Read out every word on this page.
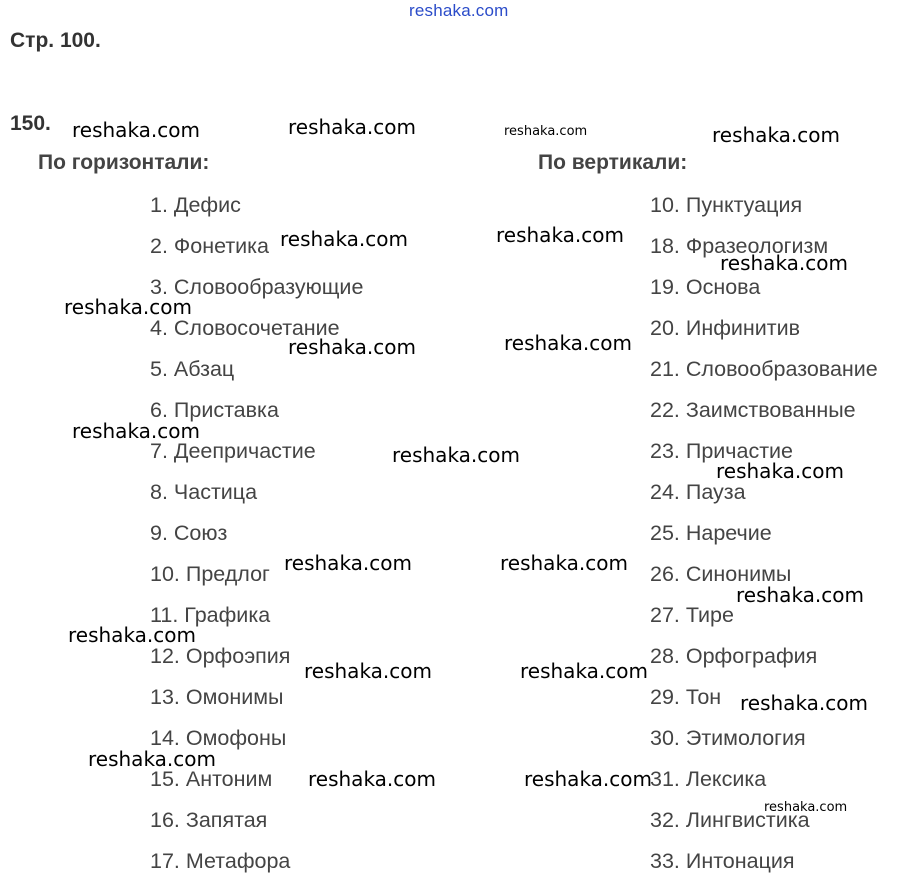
reshaka.com
Стр. 100.
150.
По горизонтали:	По вертикали:
1. Дефис
2. Фонетика
3. Словообразующие
4. Словосочетание
5. Абзац
6. Приставка
7. Деепричастие
8. Частица
9. Союз
10. Предлог
11. Графика
12. Орфоэпия
13. Омонимы
14. Омофоны
15. Антоним
16. Запятая
17. Метафора
10. Пунктуация
18. Фразеологизм
19. Основа
20. Инфинитив
21. Словообразование
22. Заимствованные
23. Причастие
24. Пауза
25. Наречие
26. Синонимы
27. Тире
28. Орфография
29. Тон
30. Этимология
31. Лексика
32. Лингвистика
33. Интонация
reshaka.com	reshaka.com	reshaka.com	reshaka.com
reshaka.com	reshaka.com
reshaka.com
reshaka.com
reshaka.com	reshaka.com
reshaka.com
reshaka.com
reshaka.com
reshaka.com	reshaka.com
reshaka.com
reshaka.com
reshaka.com	reshaka.com
reshaka.com
reshaka.com
reshaka.com	reshaka.com
reshaka.com
